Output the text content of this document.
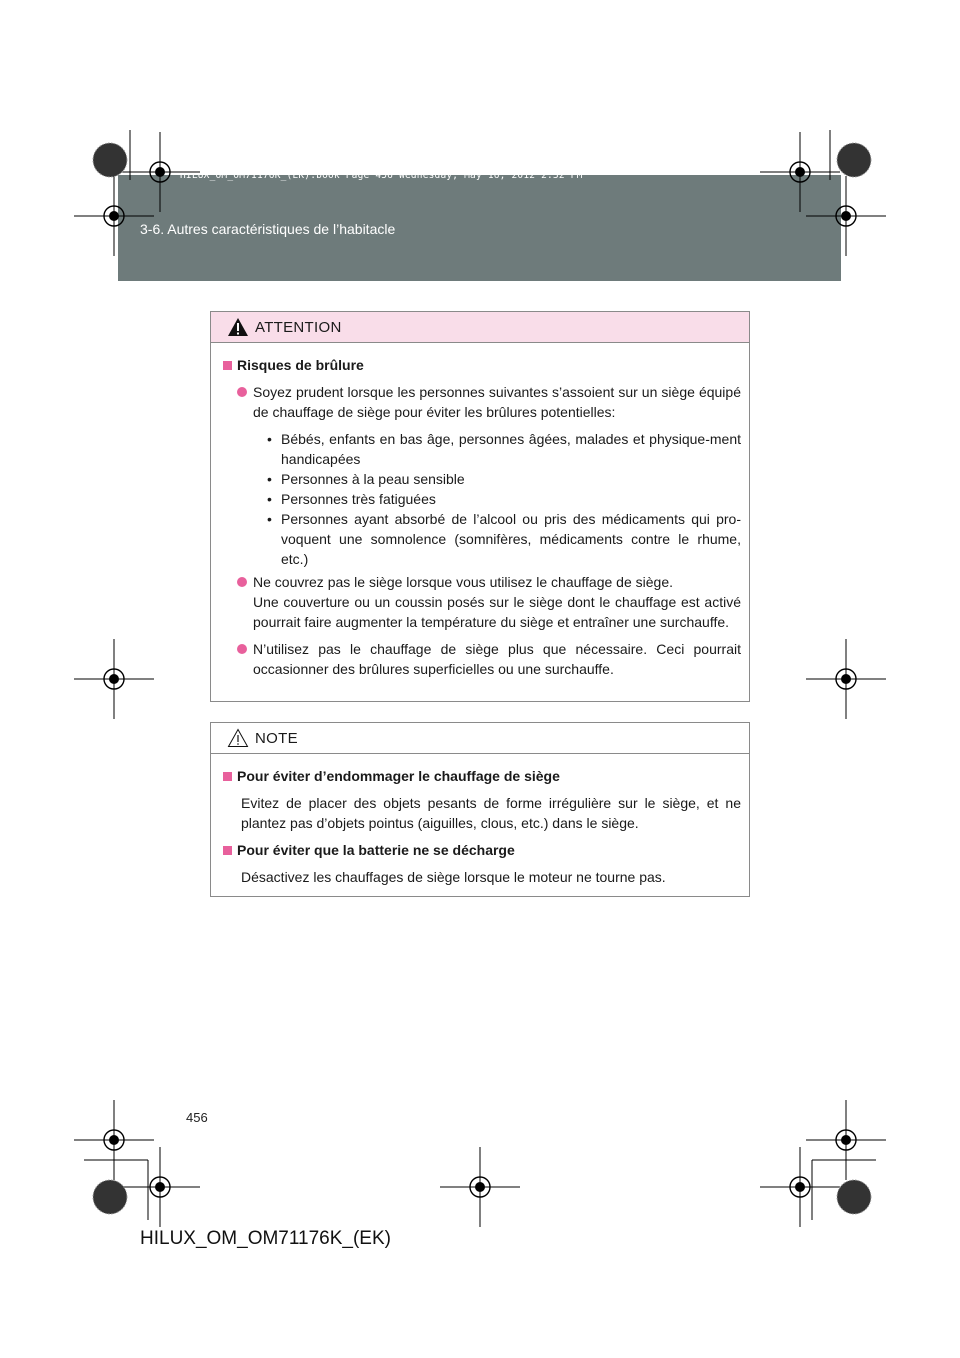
HILUX_OM_OM71176K_(EK).book Page 456 Wednesday, May 16, 2012 2:32 PM
3-6. Autres caractéristiques de l’habitacle
ATTENTION
Risques de brûlure
Soyez prudent lorsque les personnes suivantes s’assoient sur un siège équipé de chauffage de siège pour éviter les brûlures potentielles:
• Bébés, enfants en bas âge, personnes âgées, malades et physique-ment handicapées
• Personnes à la peau sensible
• Personnes très fatiguées
• Personnes ayant absorbé de l’alcool ou pris des médicaments qui pro-voquent une somnolence (somnifères, médicaments contre le rhume, etc.)
Ne couvrez pas le siège lorsque vous utilisez le chauffage de siège.
Une couverture ou un coussin posés sur le siège dont le chauffage est activé pourrait faire augmenter la température du siège et entraîner une surchauffe.
N’utilisez pas le chauffage de siège plus que nécessaire. Ceci pourrait occasionner des brûlures superficielles ou une surchauffe.
NOTE
Pour éviter d’endommager le chauffage de siège
Evitez de placer des objets pesants de forme irrégulière sur le siège, et ne plantez pas d’objets pointus (aiguilles, clous, etc.) dans le siège.
Pour éviter que la batterie ne se décharge
Désactivez les chauffages de siège lorsque le moteur ne tourne pas.
456
HILUX_OM_OM71176K_(EK)
